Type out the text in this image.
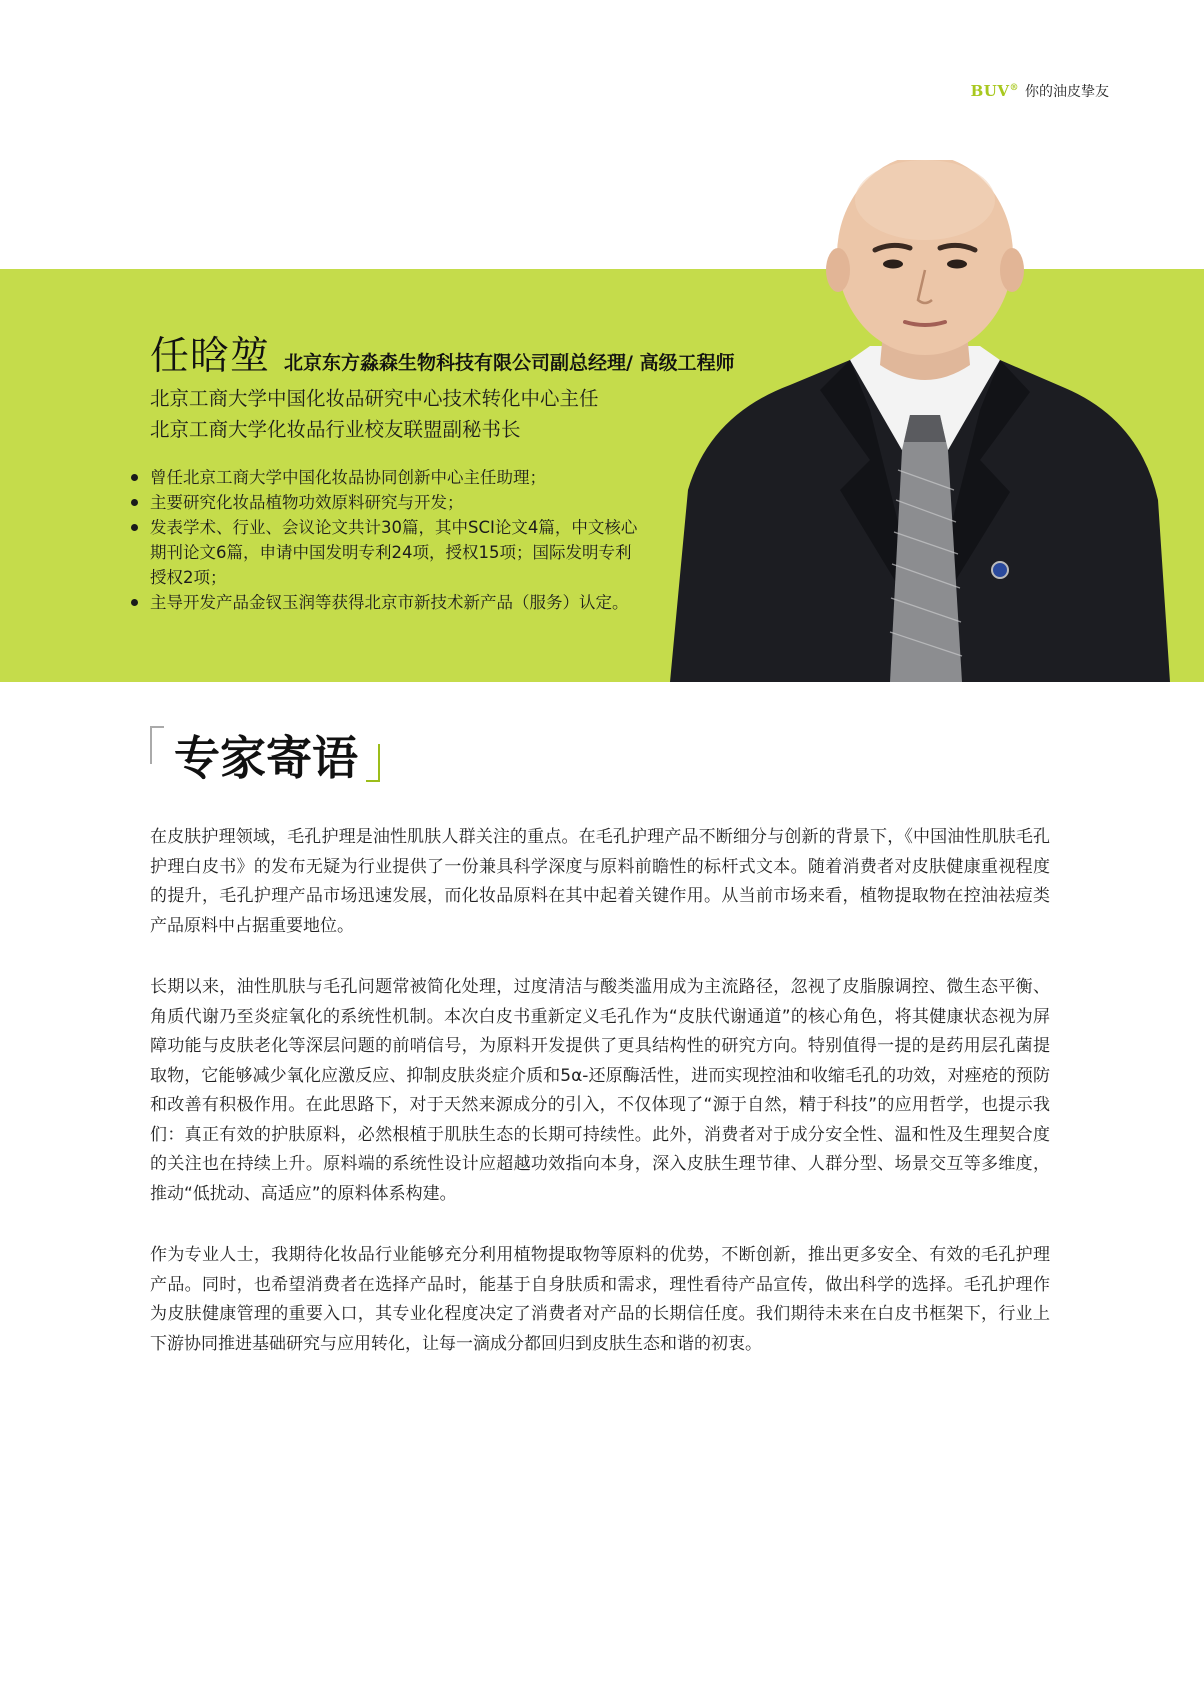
BUV® 你的油皮挚友
任晗堃 北京东方淼森生物科技有限公司副总经理/ 高级工程师
北京工商大学中国化妆品研究中心技术转化中心主任
北京工商大学化妆品行业校友联盟副秘书长
曾任北京工商大学中国化妆品协同创新中心主任助理；
主要研究化妆品植物功效原料研究与开发；
发表学术、行业、会议论文共计30篇，其中SCI论文4篇，中文核心期刊论文6篇，申请中国发明专利24项，授权15项；国际发明专利授权2项；
主导开发产品金钗玉润等获得北京市新技术新产品（服务）认定。
专家寄语

在皮肤护理领域，毛孔护理是油性肌肤人群关注的重点。在毛孔护理产品不断细分与创新的背景下，《中国油性肌肤毛孔护理白皮书》的发布无疑为行业提供了一份兼具科学深度与原料前瞻性的标杆式文本。随着消费者对皮肤健康重视程度的提升，毛孔护理产品市场迅速发展，而化妆品原料在其中起着关键作用。从当前市场来看，植物提取物在控油祛痘类产品原料中占据重要地位。

长期以来，油性肌肤与毛孔问题常被简化处理，过度清洁与酸类滥用成为主流路径，忽视了皮脂腺调控、微生态平衡、角质代谢乃至炎症氧化的系统性机制。本次白皮书重新定义毛孔作为“皮肤代谢通道”的核心角色，将其健康状态视为屏障功能与皮肤老化等深层问题的前哨信号，为原料开发提供了更具结构性的研究方向。特别值得一提的是药用层孔菌提取物，它能够减少氧化应激反应、抑制皮肤炎症介质和5α-还原酶活性，进而实现控油和收缩毛孔的功效，对痤疮的预防和改善有积极作用。在此思路下，对于天然来源成分的引入，不仅体现了“源于自然，精于科技”的应用哲学，也提示我们：真正有效的护肤原料，必然根植于肌肤生态的长期可持续性。此外，消费者对于成分安全性、温和性及生理契合度的关注也在持续上升。原料端的系统性设计应超越功效指向本身，深入皮肤生理节律、人群分型、场景交互等多维度，推动“低扰动、高适应”的原料体系构建。

作为专业人士，我期待化妆品行业能够充分利用植物提取物等原料的优势，不断创新，推出更多安全、有效的毛孔护理产品。同时，也希望消费者在选择产品时，能基于自身肤质和需求，理性看待产品宣传，做出科学的选择。毛孔护理作为皮肤健康管理的重要入口，其专业化程度决定了消费者对产品的长期信任度。我们期待未来在白皮书框架下，行业上下游协同推进基础研究与应用转化，让每一滴成分都回归到皮肤生态和谐的初衷。
